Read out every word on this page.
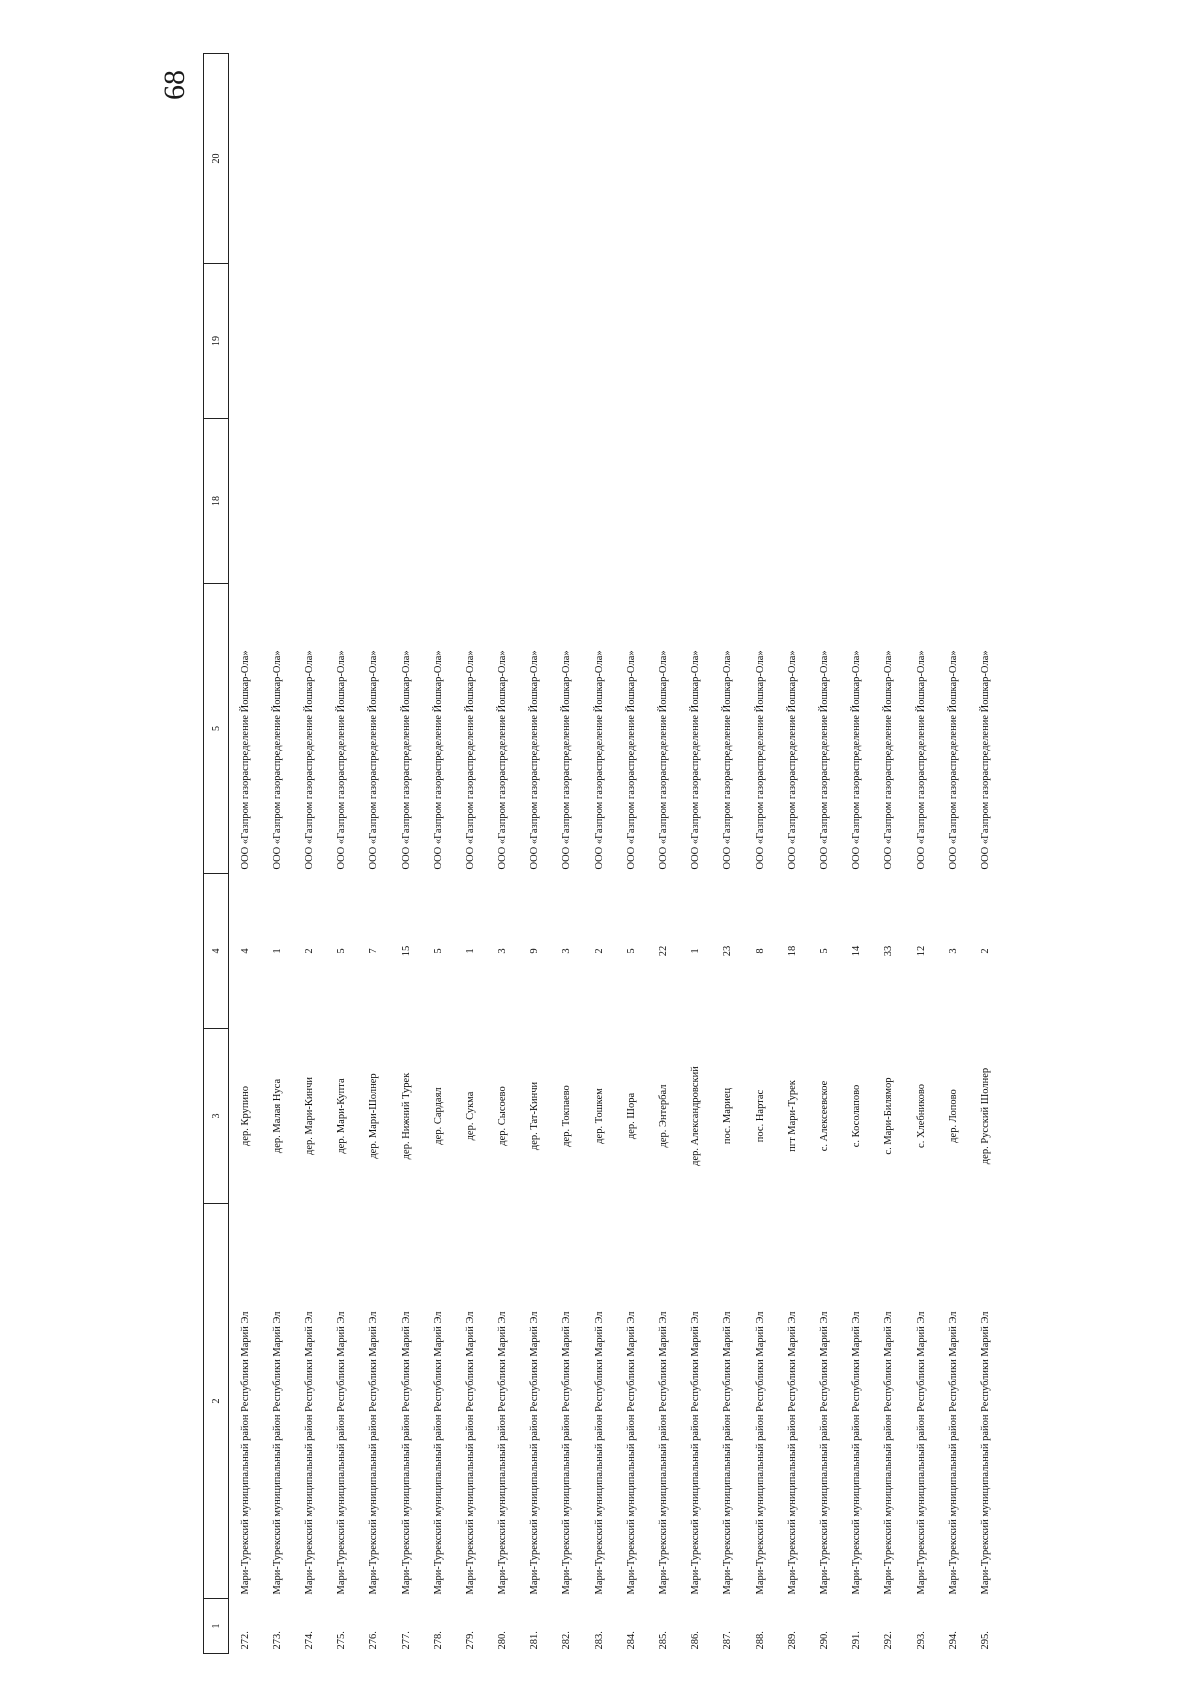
68
1	2	3	4	5	18	19	20
272.	Мари-Турекский муниципальный район Республики Марий Эл	дер. Крупино	4	ООО «Газпром газораспределение Йошкар-Ола»			
273.	Мари-Турекский муниципальный район Республики Марий Эл	дер. Малая Нуса	1	ООО «Газпром газораспределение Йошкар-Ола»			
274.	Мари-Турекский муниципальный район Республики Марий Эл	дер. Мари-Кинчи	2	ООО «Газпром газораспределение Йошкар-Ола»			
275.	Мари-Турекский муниципальный район Республики Марий Эл	дер. Мари-Купта	5	ООО «Газпром газораспределение Йошкар-Ола»			
276.	Мари-Турекский муниципальный район Республики Марий Эл	дер. Мари-Шолнер	7	ООО «Газпром газораспределение Йошкар-Ола»			
277.	Мари-Турекский муниципальный район Республики Марий Эл	дер. Нижний Турек	15	ООО «Газпром газораспределение Йошкар-Ола»			
278.	Мари-Турекский муниципальный район Республики Марий Эл	дер. Сардаял	5	ООО «Газпром газораспределение Йошкар-Ола»			
279.	Мари-Турекский муниципальный район Республики Марий Эл	дер. Сукма	1	ООО «Газпром газораспределение Йошкар-Ола»			
280.	Мари-Турекский муниципальный район Республики Марий Эл	дер. Сысоево	3	ООО «Газпром газораспределение Йошкар-Ола»			
281.	Мари-Турекский муниципальный район Республики Марий Эл	дер. Тат-Кинчи	9	ООО «Газпром газораспределение Йошкар-Ола»			
282.	Мари-Турекский муниципальный район Республики Марий Эл	дер. Токпаево	3	ООО «Газпром газораспределение Йошкар-Ола»			
283.	Мари-Турекский муниципальный район Республики Марий Эл	дер. Тошкем	2	ООО «Газпром газораспределение Йошкар-Ола»			
284.	Мари-Турекский муниципальный район Республики Марий Эл	дер. Шора	5	ООО «Газпром газораспределение Йошкар-Ола»			
285.	Мари-Турекский муниципальный район Республики Марий Эл	дер. Энтербал	22	ООО «Газпром газораспределение Йошкар-Ола»			
286.	Мари-Турекский муниципальный район Республики Марий Эл	дер. Александровский	1	ООО «Газпром газораспределение Йошкар-Ола»			
287.	Мари-Турекский муниципальный район Республики Марий Эл	пос. Мариец	23	ООО «Газпром газораспределение Йошкар-Ола»			
288.	Мари-Турекский муниципальный район Республики Марий Эл	пос. Нартас	8	ООО «Газпром газораспределение Йошкар-Ола»			
289.	Мари-Турекский муниципальный район Республики Марий Эл	пгт Мари-Турек	18	ООО «Газпром газораспределение Йошкар-Ола»			
290.	Мари-Турекский муниципальный район Республики Марий Эл	с. Алексеевское	5	ООО «Газпром газораспределение Йошкар-Ола»			
291.	Мари-Турекский муниципальный район Республики Марий Эл	с. Косолапово	14	ООО «Газпром газораспределение Йошкар-Ола»			
292.	Мари-Турекский муниципальный район Республики Марий Эл	с. Мари-Билямор	33	ООО «Газпром газораспределение Йошкар-Ола»			
293.	Мари-Турекский муниципальный район Республики Марий Эл	с. Хлебниково	12	ООО «Газпром газораспределение Йошкар-Ола»			
294.	Мари-Турекский муниципальный район Республики Марий Эл	дер. Лопово	3	ООО «Газпром газораспределение Йошкар-Ола»			
295.	Мари-Турекский муниципальный район Республики Марий Эл	дер. Русский Шолнер	2	ООО «Газпром газораспределение Йошкар-Ола»			
